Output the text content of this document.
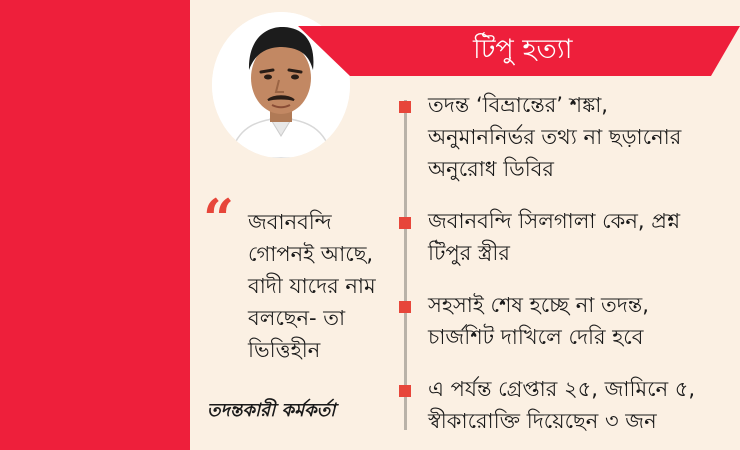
টিপু হত্যা
তদন্ত ‘বিভ্রান্তের’ শঙ্কা,
অনুমাননির্ভর তথ্য না ছড়ানোর
অনুরোধ ডিবির
জবানবন্দি সিলগালা কেন, প্রশ্ন
টিপুর স্ত্রীর
সহসাই শেষ হচ্ছে না তদন্ত,
চার্জশিট দাখিলে দেরি হবে
এ পর্যন্ত গ্রেপ্তার ২৫, জামিনে ৫,
স্বীকারোক্তি দিয়েছেন ৩ জন
“ জবানবন্দি
গোপনই আছে,
বাদী যাদের নাম
বলছেন- তা
ভিত্তিহীন
তদন্তকারী কর্মকর্তা
